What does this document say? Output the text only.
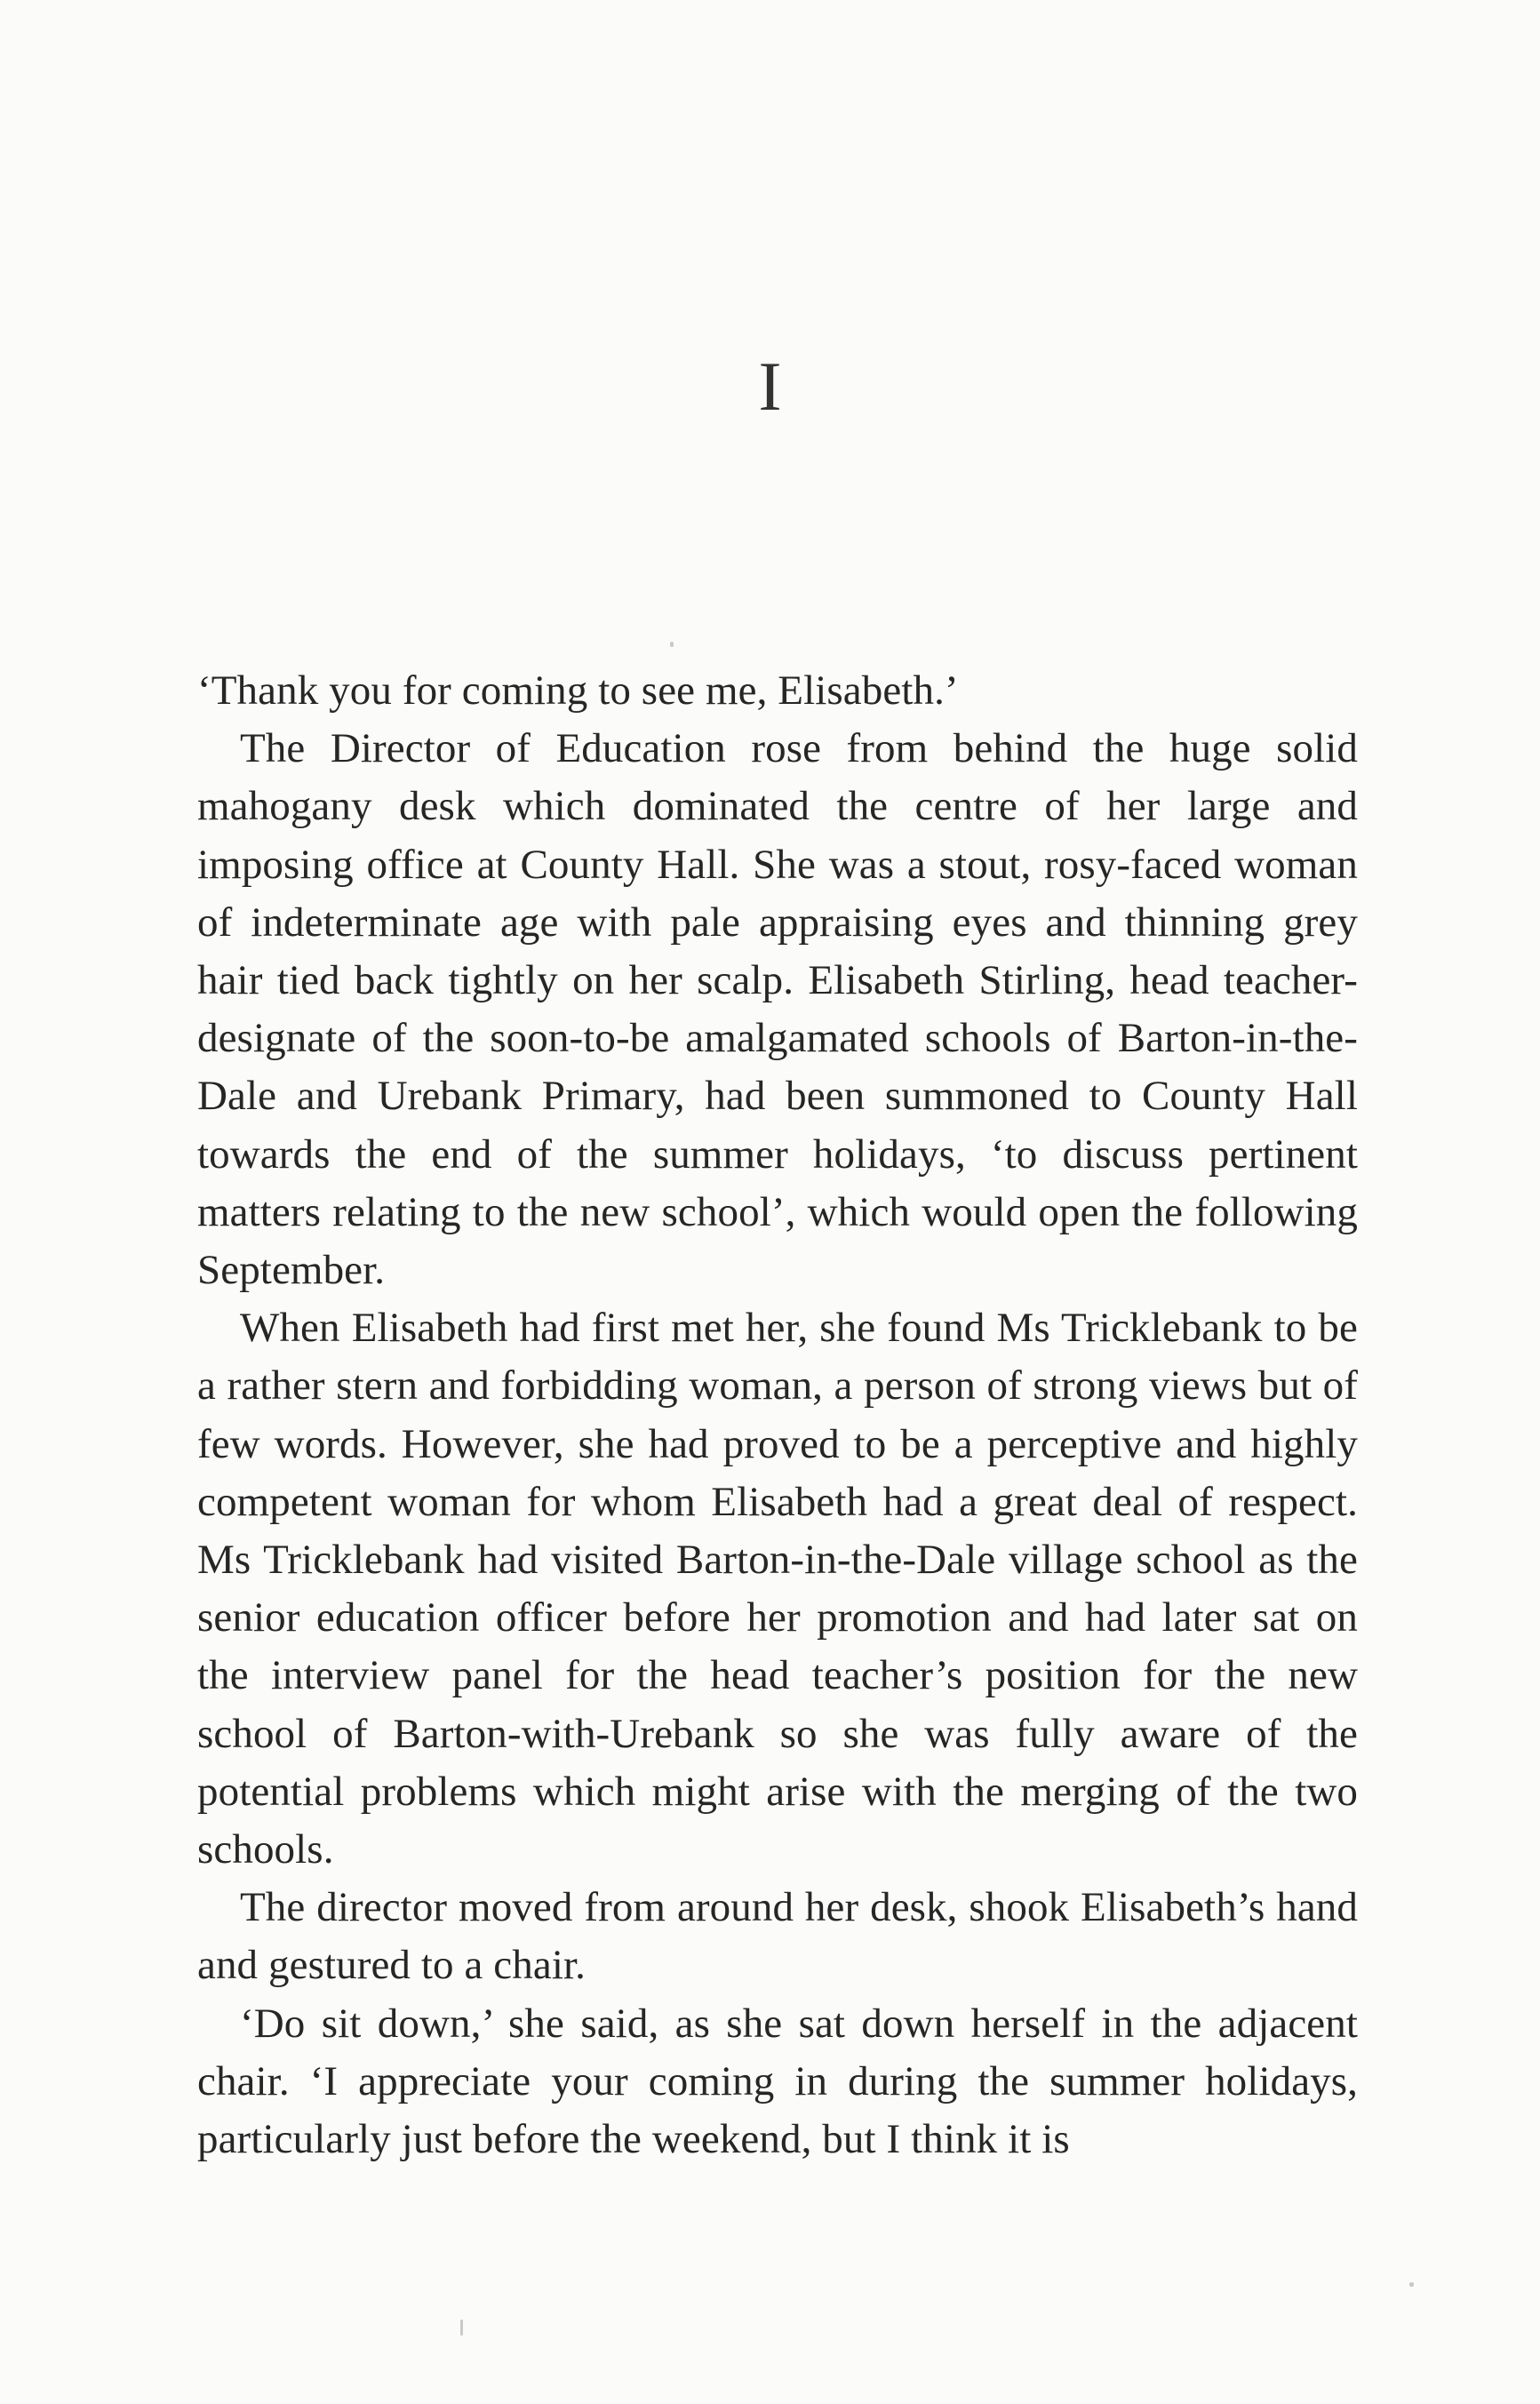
I

‘Thank you for coming to see me, Elisabeth.’

The Director of Education rose from behind the huge solid mahogany desk which dominated the centre of her large and imposing office at County Hall. She was a stout, rosy-faced woman of indeterminate age with pale appraising eyes and thinning grey hair tied back tightly on her scalp. Elisabeth Stirling, head teacher-designate of the soon-to-be amalgamated schools of Barton-in-the-Dale and Urebank Primary, had been summoned to County Hall towards the end of the summer holidays, ‘to discuss pertinent matters relating to the new school’, which would open the following September.

When Elisabeth had first met her, she found Ms Tricklebank to be a rather stern and forbidding woman, a person of strong views but of few words. However, she had proved to be a perceptive and highly competent woman for whom Elisabeth had a great deal of respect. Ms Tricklebank had visited Barton-in-the-Dale village school as the senior education officer before her promotion and had later sat on the interview panel for the head teacher’s position for the new school of Barton-with-Urebank so she was fully aware of the potential problems which might arise with the merging of the two schools.

The director moved from around her desk, shook Elisabeth’s hand and gestured to a chair.

‘Do sit down,’ she said, as she sat down herself in the adjacent chair. ‘I appreciate your coming in during the summer holidays, particularly just before the weekend, but I think it is
